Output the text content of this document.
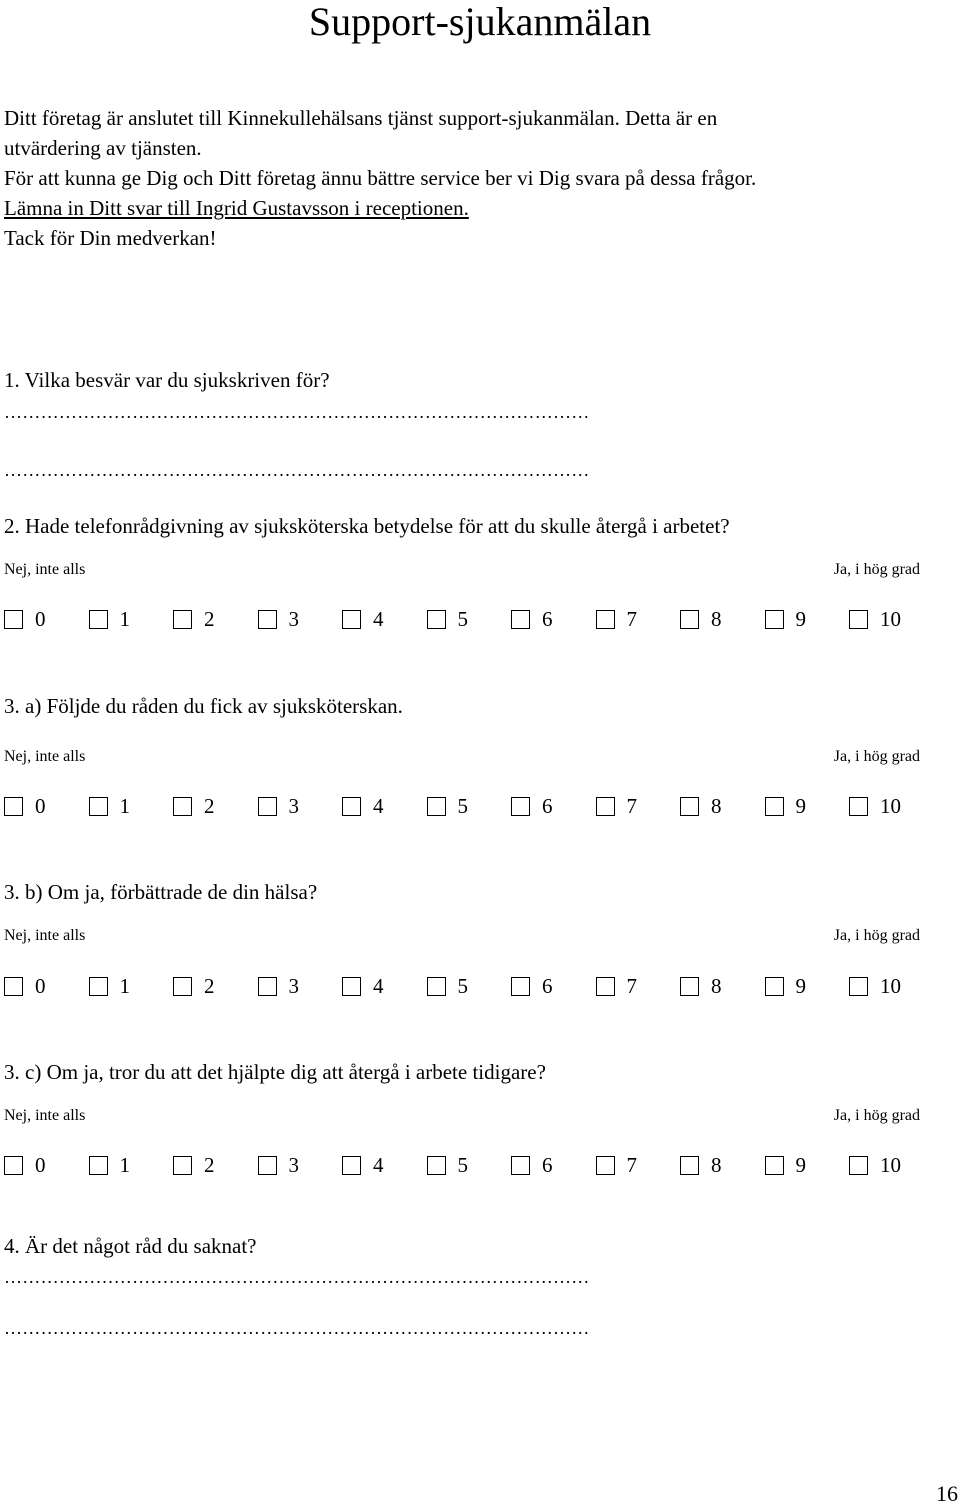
Support-sjukanmälan
Ditt företag är anslutet till Kinnekullehälsans tjänst support-sjukanmälan. Detta är en
utvärdering av tjänsten.
För att kunna ge Dig och Ditt företag ännu bättre service ber vi Dig svara på dessa frågor.
Lämna in Ditt svar till Ingrid Gustavsson i receptionen.
Tack för Din medverkan!
1. Vilka besvär var du sjukskriven för?
……………………………………………………………………………………
……………………………………………………………………………………
2. Hade telefonrådgivning av sjuksköterska betydelse för att du skulle återgå i arbetet?
Nej, inte alls	Ja, i hög grad
0	1	2	3	4	5	6	7	8	9	10
3. a) Följde du råden du fick av sjuksköterskan.
Nej, inte alls	Ja, i hög grad
0	1	2	3	4	5	6	7	8	9	10
3. b) Om ja, förbättrade de din hälsa?
Nej, inte alls	Ja, i hög grad
0	1	2	3	4	5	6	7	8	9	10
3. c) Om ja, tror du att det hjälpte dig att återgå i arbete tidigare?
Nej, inte alls	Ja, i hög grad
0	1	2	3	4	5	6	7	8	9	10
4. Är det något råd du saknat?
……………………………………………………………………………………
……………………………………………………………………………………
16
